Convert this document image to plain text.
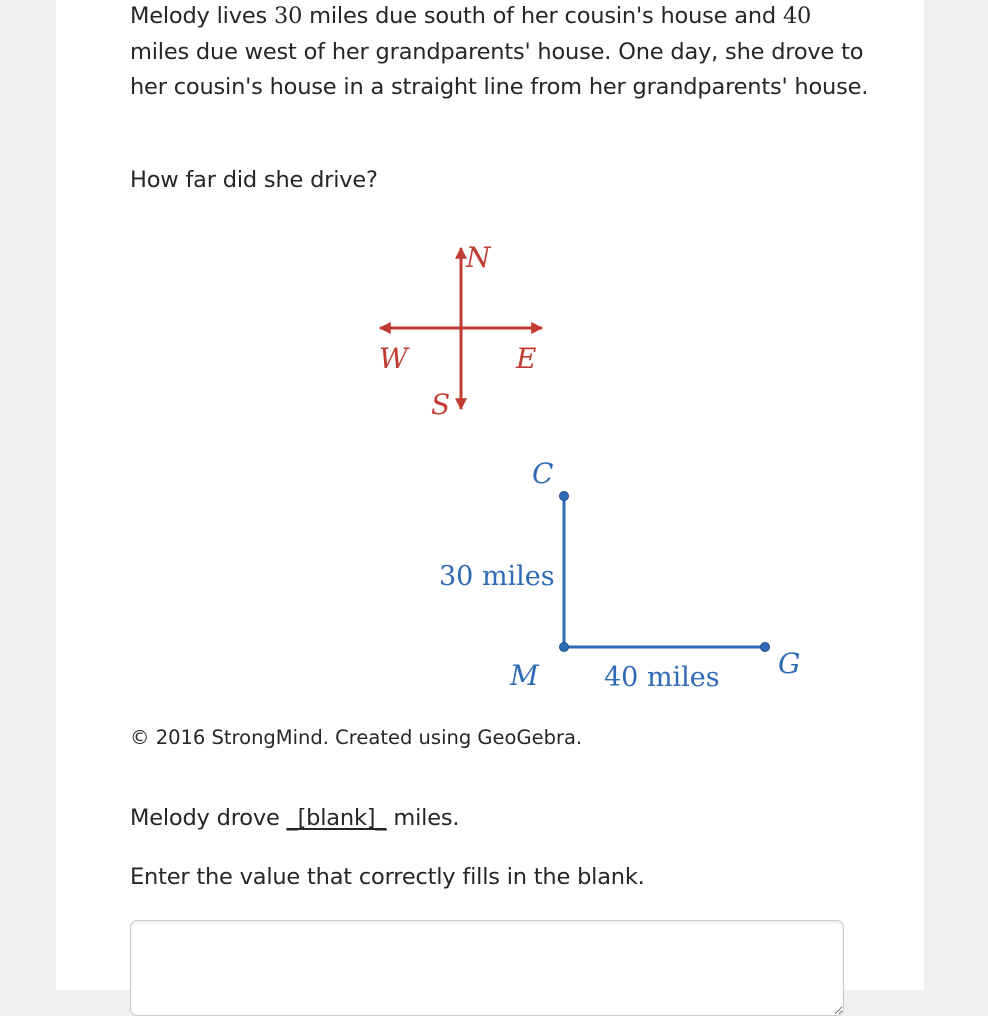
Melody lives 30 miles due south of her cousin's house and 40 miles due west of her grandparents' house. One day, she drove to her cousin's house in a straight line from her grandparents' house.

How far did she drive?

N
W	E
S
C
M	G
30 miles
40 miles

© 2016 StrongMind. Created using GeoGebra.

Melody drove _[blank]_ miles.

Enter the value that correctly fills in the blank.
